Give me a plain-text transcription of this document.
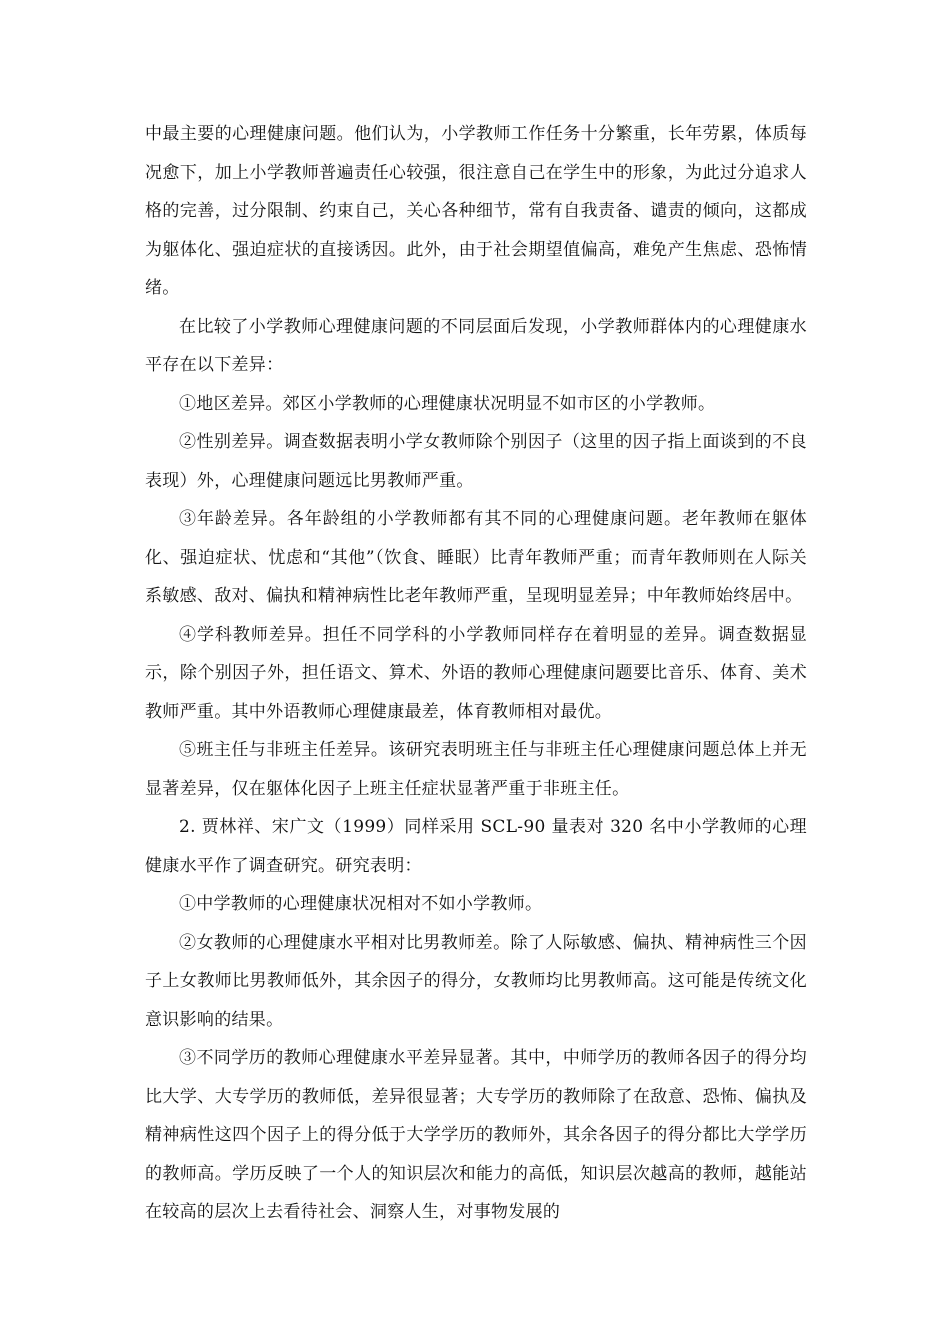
中最主要的心理健康问题。他们认为，小学教师工作任务十分繁重，长年劳累，体质每况愈下，加上小学教师普遍责任心较强，很注意自己在学生中的形象，为此过分追求人格的完善，过分限制、约束自己，关心各种细节，常有自我责备、谴责的倾向，这都成为躯体化、强迫症状的直接诱因。此外，由于社会期望值偏高，难免产生焦虑、恐怖情绪。

在比较了小学教师心理健康问题的不同层面后发现，小学教师群体内的心理健康水平存在以下差异：

①地区差异。郊区小学教师的心理健康状况明显不如市区的小学教师。

②性别差异。调查数据表明小学女教师除个别因子（这里的因子指上面谈到的不良表现）外，心理健康问题远比男教师严重。

③年龄差异。各年龄组的小学教师都有其不同的心理健康问题。老年教师在躯体化、强迫症状、忧虑和“其他”（饮食、睡眠）比青年教师严重；而青年教师则在人际关系敏感、敌对、偏执和精神病性比老年教师严重，呈现明显差异；中年教师始终居中。

④学科教师差异。担任不同学科的小学教师同样存在着明显的差异。调查数据显示，除个别因子外，担任语文、算术、外语的教师心理健康问题要比音乐、体育、美术教师严重。其中外语教师心理健康最差，体育教师相对最优。

⑤班主任与非班主任差异。该研究表明班主任与非班主任心理健康问题总体上并无显著差异，仅在躯体化因子上班主任症状显著严重于非班主任。

2. 贾林祥、宋广文（1999）同样采用 SCL-90 量表对 320 名中小学教师的心理健康水平作了调查研究。研究表明：

①中学教师的心理健康状况相对不如小学教师。

②女教师的心理健康水平相对比男教师差。除了人际敏感、偏执、精神病性三个因子上女教师比男教师低外，其余因子的得分，女教师均比男教师高。这可能是传统文化意识影响的结果。

③不同学历的教师心理健康水平差异显著。其中，中师学历的教师各因子的得分均比大学、大专学历的教师低，差异很显著；大专学历的教师除了在敌意、恐怖、偏执及精神病性这四个因子上的得分低于大学学历的教师外，其余各因子的得分都比大学学历的教师高。学历反映了一个人的知识层次和能力的高低，知识层次越高的教师，越能站在较高的层次上去看待社会、洞察人生，对事物发展的
